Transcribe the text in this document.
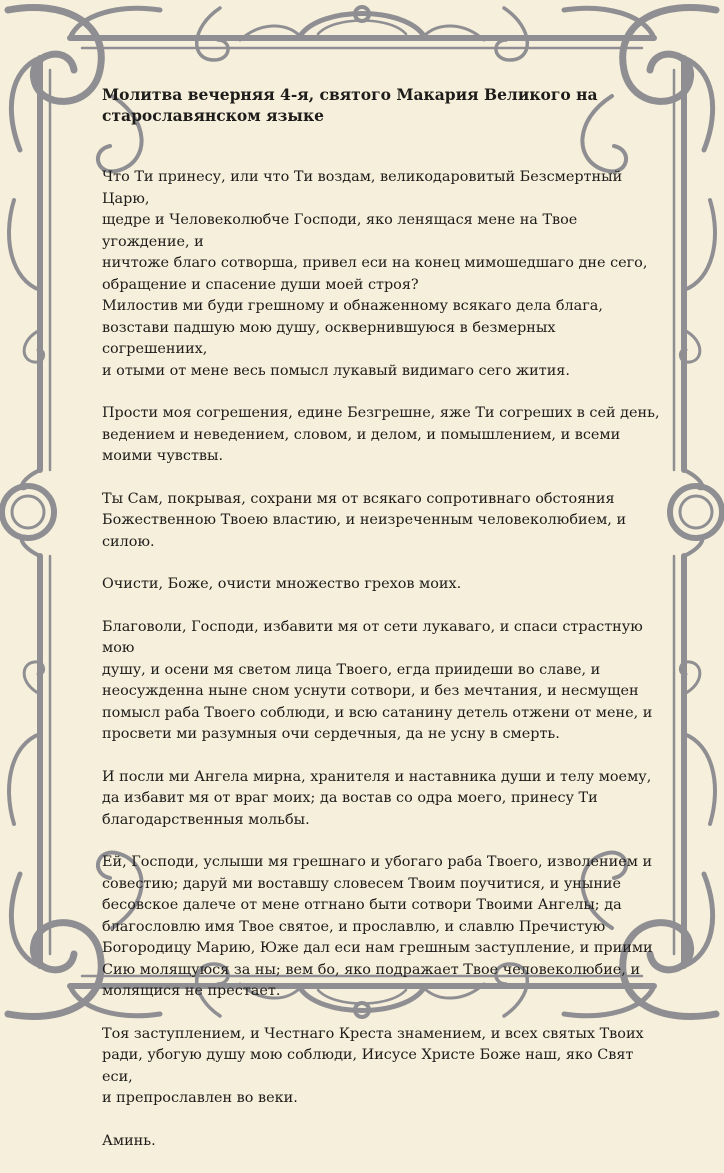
Молитва вечерняя 4-я, святого Макария Великого на
старославянском языке
Что Ти принесу, или что Ти воздам, великодаровитый Безсмертный Царю,
щедре и Человеколюбче Господи, яко ленящася мене на Твое угождение, и
ничтоже благо сотворша, привел еси на конец мимошедшаго дне сего,
обращение и спасение души моей строя?
Милостив ми буди грешному и обнаженному всякаго дела блага,
возстави падшую мою душу, осквернившуюся в безмерных согрешениих,
и отыми от мене весь помысл лукавый видимаго сего жития.
Прости моя согрешения, едине Безгрешне, яже Ти согреших в сей день,
ведением и неведением, словом, и делом, и помышлением, и всеми
моими чувствы.
Ты Сам, покрывая, сохрани мя от всякаго сопротивнаго обстояния
Божественною Твоею властию, и неизреченным человеколюбием, и силою.
Очисти, Боже, очисти множество грехов моих.
Благоволи, Господи, избавити мя от сети лукаваго, и спаси страстную мою
душу, и осени мя светом лица Твоего, егда приидеши во славе, и
неосужденна ныне сном уснути сотвори, и без мечтания, и несмущен
помысл раба Твоего соблюди, и всю сатанину детель отжени от мене, и
просвети ми разумныя очи сердечныя, да не усну в смерть.
И посли ми Ангела мирна, хранителя и наставника души и телу моему,
да избавит мя от враг моих; да востав со одра моего, принесу Ти
благодарственныя мольбы.
Ей, Господи, услыши мя грешнаго и убогаго раба Твоего, изволением и
совестию; даруй ми воставшу словесем Твоим поучитися, и уныние
бесовское далече от мене отгнано быти сотвори Твоими Ангелы; да
благословлю имя Твое святое, и прославлю, и славлю Пречистую
Богородицу Марию, Юже дал еси нам грешным заступление, и приими
Сию молящуюся за ны; вем бо, яко подражает Твое человеколюбие, и
молящися не престает.
Тоя заступлением, и Честнаго Креста знамением, и всех святых Твоих
ради, убогую душу мою соблюди, Иисусе Христе Боже наш, яко Свят еси,
и препрославлен во веки.
Аминь.
